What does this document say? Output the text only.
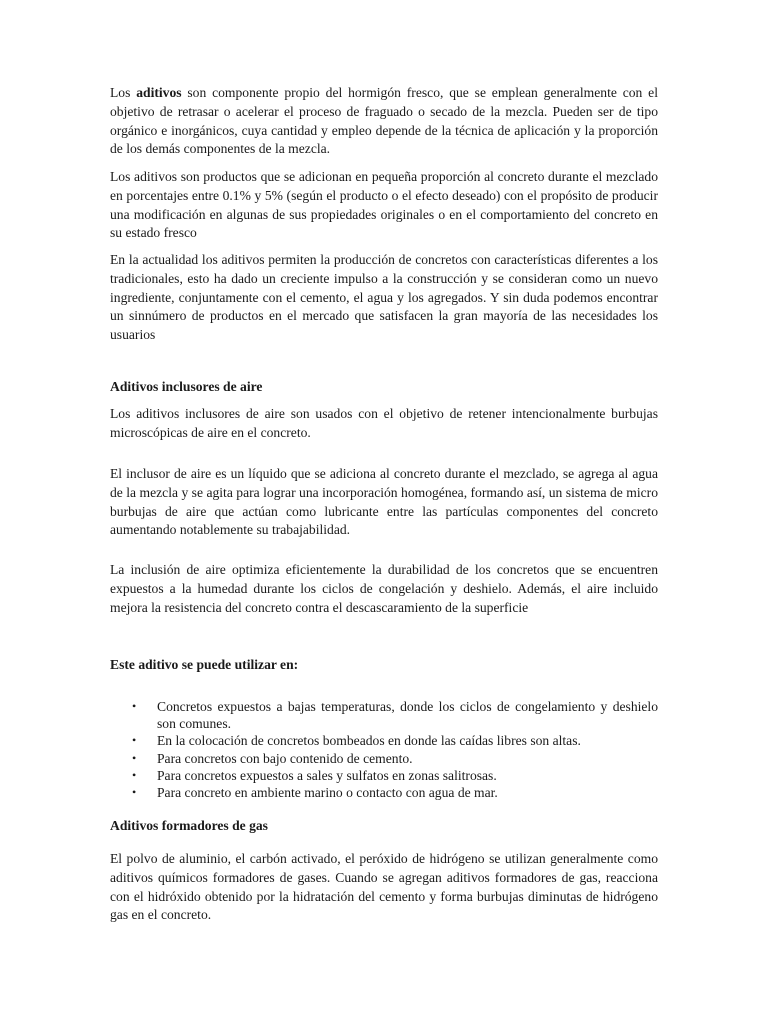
Los aditivos son componente propio del hormigón fresco, que se emplean generalmente con el objetivo de retrasar o acelerar el proceso de fraguado o secado de la mezcla. Pueden ser de tipo orgánico e inorgánicos, cuya cantidad y empleo depende de la técnica de aplicación y la proporción de los demás componentes de la mezcla.

Los aditivos son productos que se adicionan en pequeña proporción al concreto durante el mezclado en porcentajes entre 0.1% y 5% (según el producto o el efecto deseado) con el propósito de producir una modificación en algunas de sus propiedades originales o en el comportamiento del concreto en su estado fresco

En la actualidad los aditivos permiten la producción de concretos con características diferentes a los tradicionales, esto ha dado un creciente impulso a la construcción y se consideran como un nuevo ingrediente, conjuntamente con el cemento, el agua y los agregados. Y sin duda podemos encontrar un sinnúmero de productos en el mercado que satisfacen la gran mayoría de las necesidades los usuarios

Aditivos inclusores de aire

Los aditivos inclusores de aire son usados con el objetivo de retener intencionalmente burbujas microscópicas de aire en el concreto.

El inclusor de aire es un líquido que se adiciona al concreto durante el mezclado, se agrega al agua de la mezcla y se agita para lograr una incorporación homogénea, formando así, un sistema de micro burbujas de aire que actúan como lubricante entre las partículas componentes del concreto aumentando notablemente su trabajabilidad.

La inclusión de aire optimiza eficientemente la durabilidad de los concretos que se encuentren expuestos a la humedad durante los ciclos de congelación y deshielo. Además, el aire incluido mejora la resistencia del concreto contra el descascaramiento de la superficie

Este aditivo se puede utilizar en:
• Concretos expuestos a bajas temperaturas, donde los ciclos de congelamiento y deshielo son comunes.
• En la colocación de concretos bombeados en donde las caídas libres son altas.
• Para concretos con bajo contenido de cemento.
• Para concretos expuestos a sales y sulfatos en zonas salitrosas.
• Para concreto en ambiente marino o contacto con agua de mar.
Aditivos formadores de gas

El polvo de aluminio, el carbón activado, el peróxido de hidrógeno se utilizan generalmente como aditivos químicos formadores de gases. Cuando se agregan aditivos formadores de gas, reacciona con el hidróxido obtenido por la hidratación del cemento y forma burbujas diminutas de hidrógeno gas en el concreto.
